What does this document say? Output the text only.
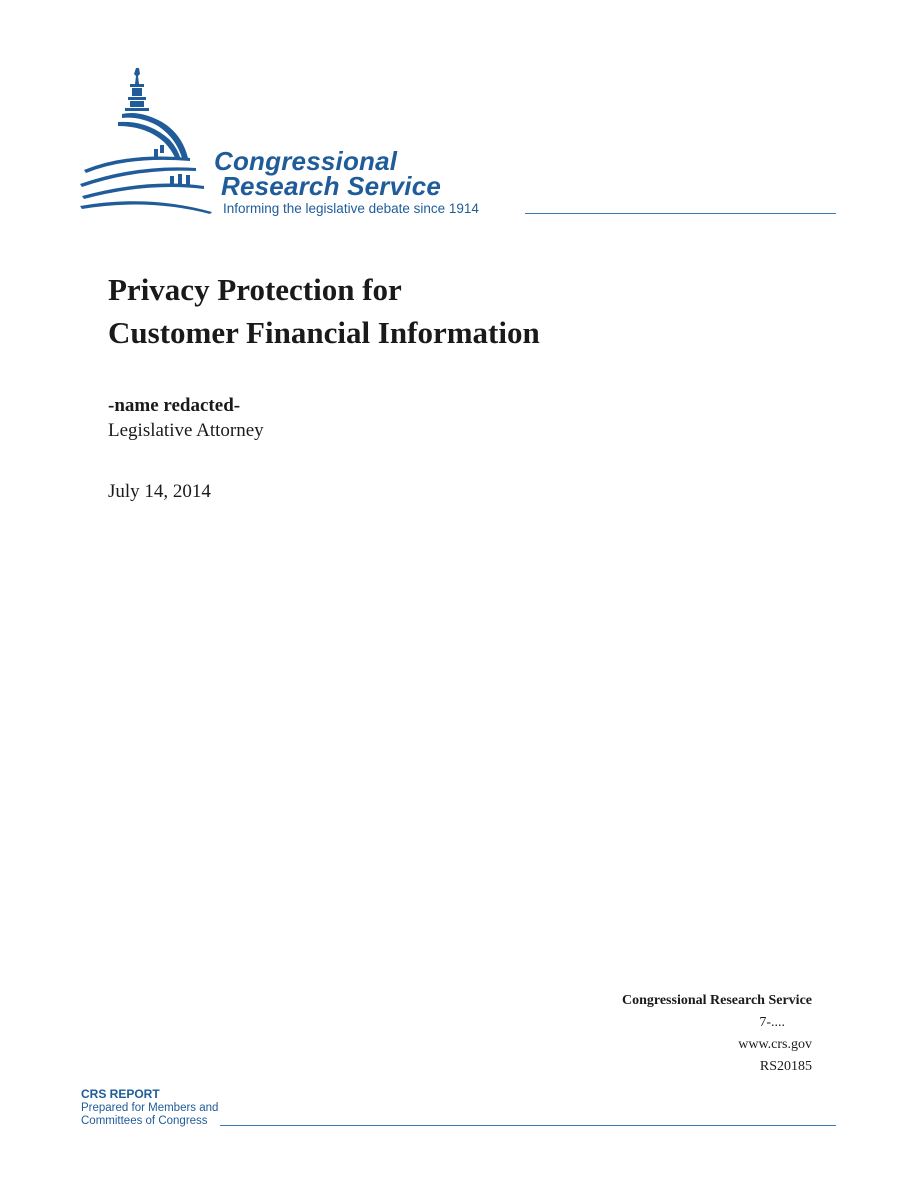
Congressional
Research Service
Informing the legislative debate since 1914
Privacy Protection for
Customer Financial Information
-name redacted-
Legislative Attorney
July 14, 2014
Congressional Research Service
7-....
www.crs.gov
RS20185
CRS REPORT
Prepared for Members and
Committees of Congress
